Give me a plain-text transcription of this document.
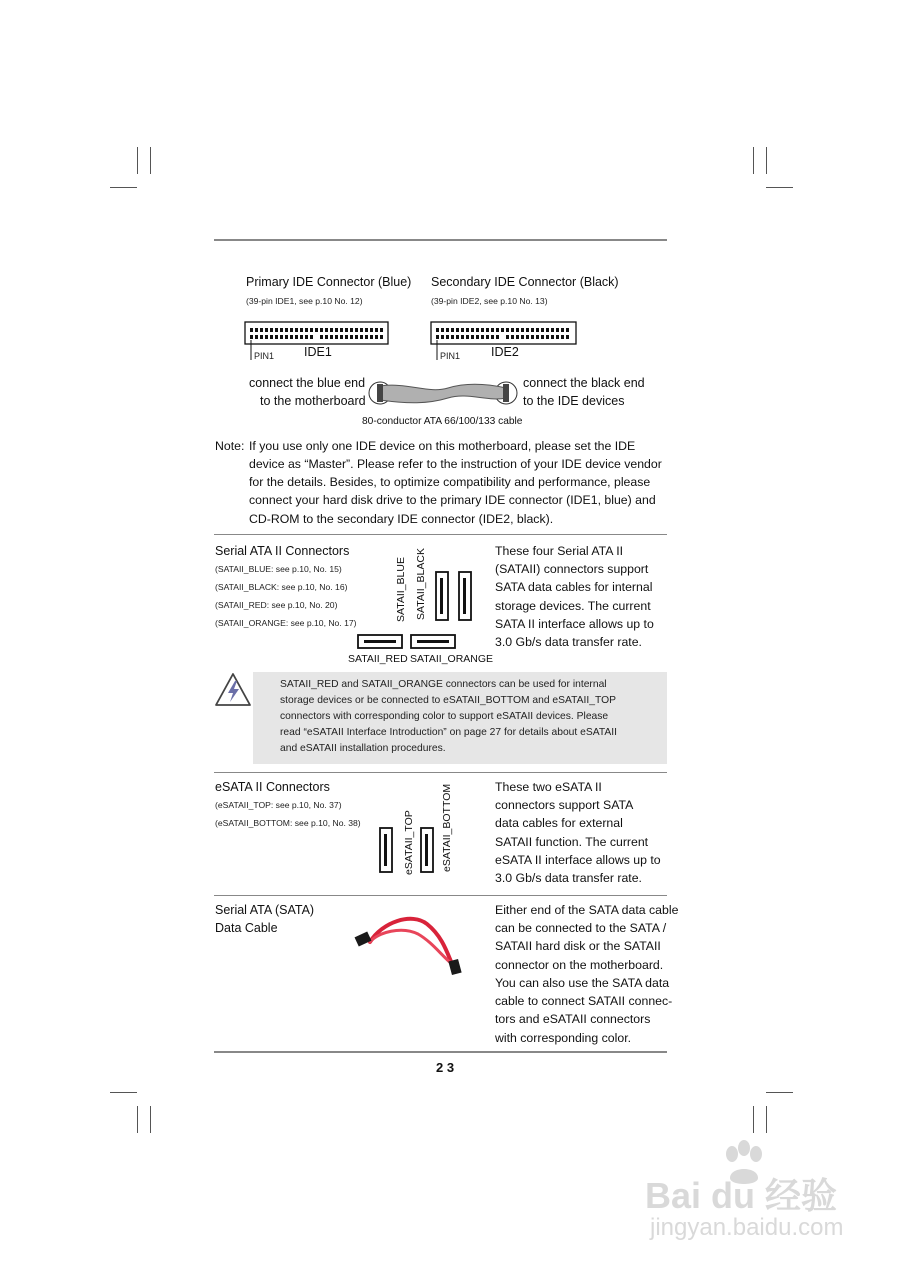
Primary IDE Connector (Blue)
(39-pin IDE1, see p.10 No. 12)
Secondary IDE Connector (Black)
(39-pin IDE2, see p.10 No. 13)
PIN1 IDE1	PIN1 IDE2
connect the blue end
to the motherboard
connect the black end
to the IDE devices
80-conductor ATA 66/100/133 cable
Note: If you use only one IDE device on this motherboard, please set the IDE
device as “Master”. Please refer to the instruction of your IDE device vendor
for the details. Besides, to optimize compatibility and performance, please
connect your hard disk drive to the primary IDE connector (IDE1, blue) and
CD-ROM to the secondary IDE connector (IDE2, black).
Serial ATA II Connectors
(SATAII_BLUE: see p.10, No. 15)
(SATAII_BLACK: see p.10, No. 16)
(SATAII_RED: see p.10, No. 20)
(SATAII_ORANGE: see p.10, No. 17)
SATAII_BLUE SATAII_BLACK
SATAII_RED SATAII_ORANGE
These four Serial ATA II
(SATAII) connectors support
SATA data cables for internal
storage devices. The current
SATA II interface allows up to
3.0 Gb/s data transfer rate.
SATAII_RED and SATAII_ORANGE connectors can be used for internal
storage devices or be connected to eSATAII_BOTTOM and eSATAII_TOP
connectors with corresponding color to support eSATAII devices. Please
read “eSATAII Interface Introduction” on page 27 for details about eSATAII
and eSATAII installation procedures.
eSATA II Connectors
(eSATAII_TOP: see p.10, No. 37)
(eSATAII_BOTTOM: see p.10, No. 38)	eSATAII_TOP eSATAII_BOTTOM	These two eSATA II
connectors support SATA
data cables for external
SATAII function. The current
eSATA II interface allows up to
3.0 Gb/s data transfer rate.
Serial ATA (SATA)
Data Cable
Either end of the SATA data cable
can be connected to the SATA /
SATAII hard disk or the SATAII
connector on the motherboard.
You can also use the SATA data
cable to connect SATAII connec-
tors and eSATAII connectors
with corresponding color.
2 3
Bai du 经验
jingyan.baidu.com
